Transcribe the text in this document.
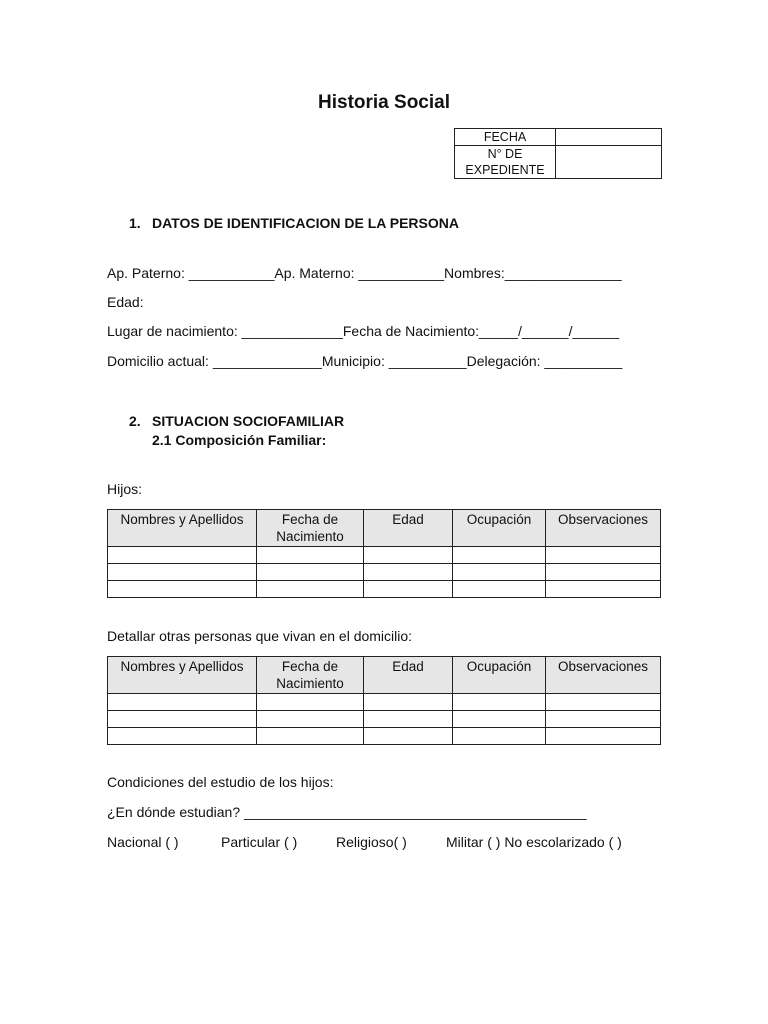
Historia Social
FECHA	
N° DE EXPEDIENTE	
1. DATOS DE IDENTIFICACION DE LA PERSONA
Ap. Paterno: ___________Ap. Materno: ___________Nombres:_______________
Edad:
Lugar de nacimiento: _____________Fecha de Nacimiento:_____/______/______
Domicilio actual: ______________Municipio: __________Delegación: __________
2. SITUACION SOCIOFAMILIAR
2.1 Composición Familiar:
Hijos:
Nombres y Apellidos	Fecha de Nacimiento	Edad	Ocupación	Observaciones

Detallar otras personas que vivan en el domicilio:
Nombres y Apellidos	Fecha de Nacimiento	Edad	Ocupación	Observaciones

Condiciones del estudio de los hijos:
¿En dónde estudian? ____________________________________________
Nacional ( )	Particular ( )	Religioso( )	Militar ( ) No escolarizado ( )
